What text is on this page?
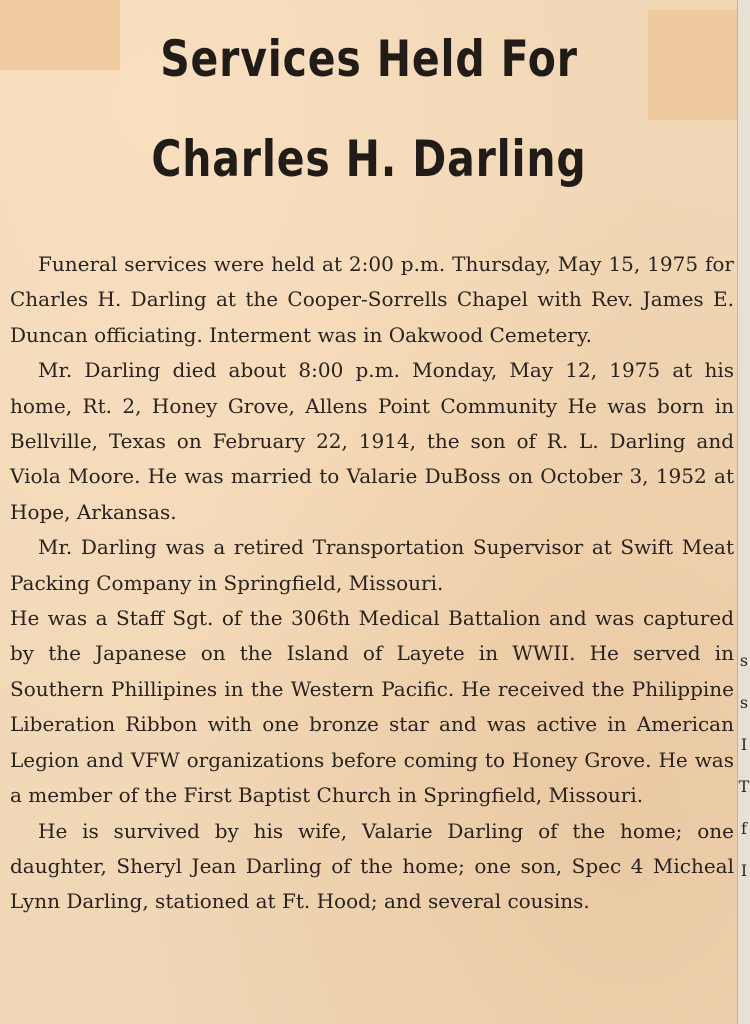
Services Held For
Charles H. Darling

Funeral services were held at 2:00 p.m. Thursday, May 15, 1975 for Charles H. Darling at the Cooper-Sorrells Chapel with Rev. James E. Duncan officiating. Interment was in Oakwood Cemetery.

Mr. Darling died about 8:00 p.m. Monday, May 12, 1975 at his home, Rt. 2, Honey Grove, Allens Point Community He was born in Bellville, Texas on February 22, 1914, the son of R. L. Darling and Viola Moore. He was married to Valarie DuBoss on October 3, 1952 at Hope, Arkansas.

Mr. Darling was a retired Transportation Supervisor at Swift Meat Packing Company in Springfield, Missouri.

He was a Staff Sgt. of the 306th Medical Battalion and was captured by the Japanese on the Island of Layete in WWII. He served in Southern Phillipines in the Western Pacific. He received the Philippine Liberation Ribbon with one bronze star and was active in American Legion and VFW organizations before coming to Honey Grove. He was a member of the First Baptist Church in Springfield, Missouri.

He is survived by his wife, Valarie Darling of the home; one daughter, Sheryl Jean Darling of the home; one son, Spec 4 Micheal Lynn Darling, stationed at Ft. Hood; and several cousins.

s s I T f I
